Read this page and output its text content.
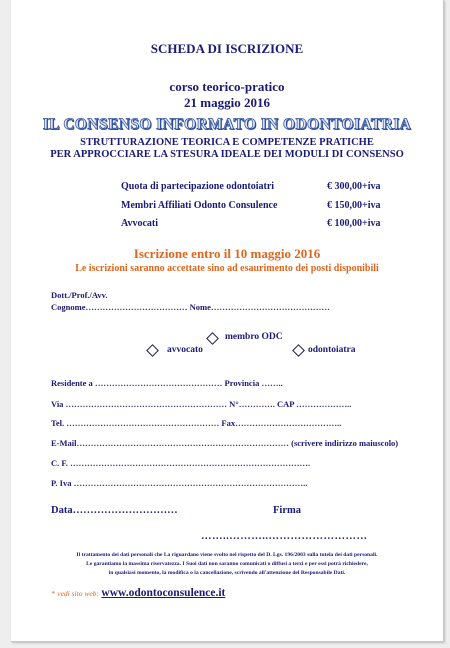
SCHEDA DI ISCRIZIONE
corso teorico-pratico
21 maggio 2016
IL CONSENSO INFORMATO IN ODONTOIATRIA
STRUTTURAZIONE TEORICA E COMPETENZE PRATICHE
PER APPROCCIARE LA STESURA IDEALE DEI MODULI DI CONSENSO
Quota di partecipazione odontoiatri	€ 300,00+iva
Membri Affiliati Odonto Consulence	€ 150,00+iva
Avvocati	€ 100,00+iva
Iscrizione entro il 10 maggio 2016
Le iscrizioni saranno accettate sino ad esaurimento dei posti disponibili
Dott./Prof./Avv.
Cognome……………………………… Nome……………………………………
membro ODC
avvocato	odontoiatra
Residente a ……………………………………… Provincia ……..
Via ………………………………………………… N°…………. CAP ………………..
Tel. ……………………………………………… Fax………………………………..
E-Mail………………………………………………………………… (scrivere indirizzo maiuscolo)
C. F. ………………………………………………………………………….
P. Iva ………………………………………………………………………..
Data…………………………	Firma
……..………..………………………
Il trattamento dei dati personali che La riguardano viene svolto nel rispetto del D. Lgs. 196/2003 sulla tutela dei dati personali.
Le garantiamo la massima riservatezza. I Suoi dati non saranno comunicati o diffusi a terzi e per essi potrà richiedere,
in qualsiasi momento, la modifica o la cancellazione, scrivendo all'attenzione del Responsabile Dati.
* vedi sito web: www.odontoconsulence.it
